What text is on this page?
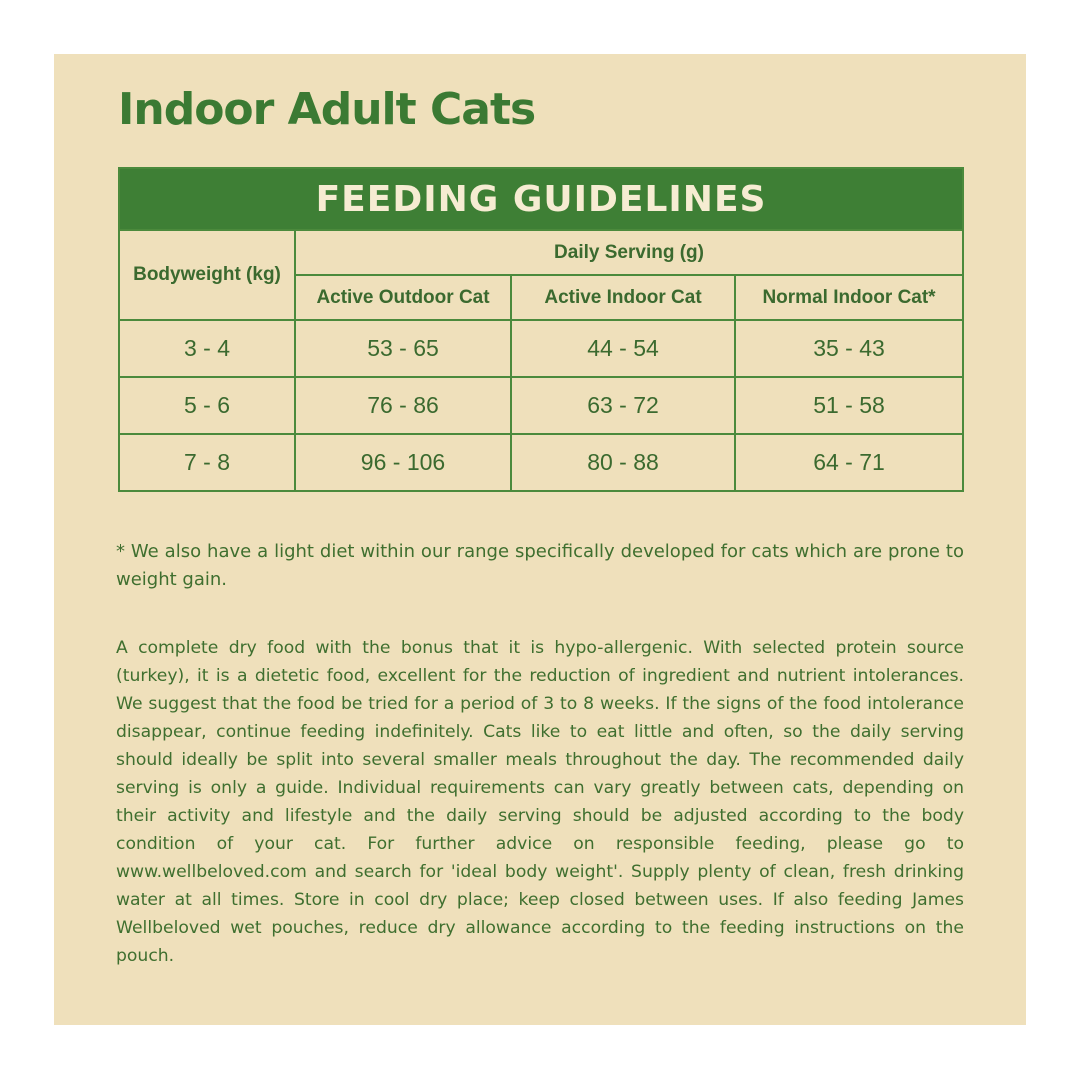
Indoor Adult Cats
FEEDING GUIDELINES			
Bodyweight (kg)	Daily Serving (g)		
	Active Outdoor Cat	Active Indoor Cat	Normal Indoor Cat*
3 - 4	53 - 65	44 - 54	35 - 43
5 - 6	76 - 86	63 - 72	51 - 58
7 - 8	96 - 106	80 - 88	64 - 71

* We also have a light diet within our range specifically developed for cats which are prone to weight gain.

A complete dry food with the bonus that it is hypo-allergenic. With selected protein source (turkey), it is a dietetic food, excellent for the reduction of ingredient and nutrient intolerances. We suggest that the food be tried for a period of 3 to 8 weeks. If the signs of the food intolerance disappear, continue feeding indefinitely. Cats like to eat little and often, so the daily serving should ideally be split into several smaller meals throughout the day. The recommended daily serving is only a guide. Individual requirements can vary greatly between cats, depending on their activity and lifestyle and the daily serving should be adjusted according to the body condition of your cat. For further advice on responsible feeding, please go to www.wellbeloved.com and search for 'ideal body weight'. Supply plenty of clean, fresh drinking water at all times. Store in cool dry place; keep closed between uses. If also feeding James Wellbeloved wet pouches, reduce dry allowance according to the feeding instructions on the pouch.
